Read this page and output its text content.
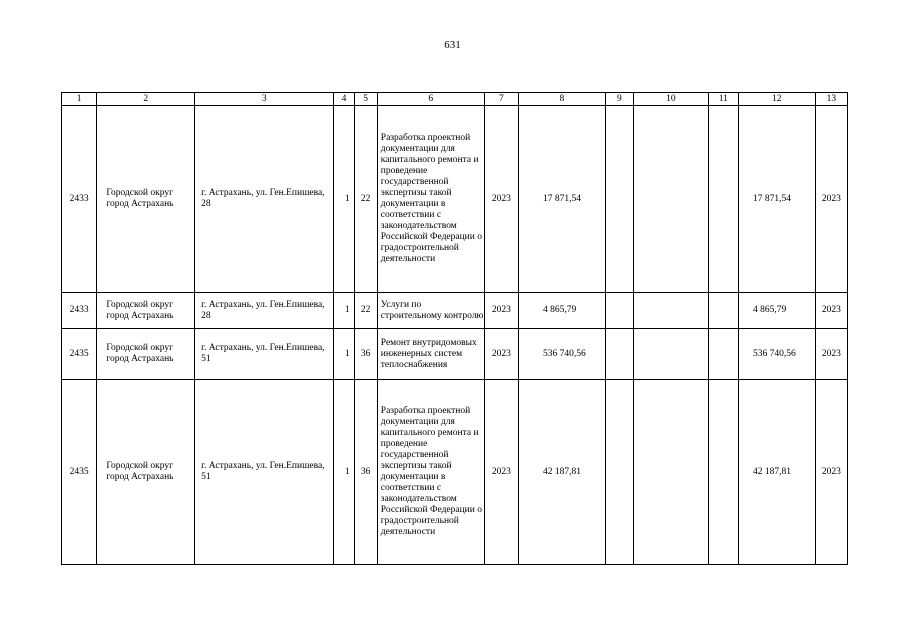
631
1	2	3	4	5	6	7	8	9	10	11	12	13
2433	Городской округ город Астрахань	г. Астрахань, ул. Ген.Епишева, 28	1	22	Разработка проектной документации для капитального ремонта и проведение государственной экспертизы такой документации в соответствии с законодательством Российской Федерации о градостроительной деятельности	2023	17 871,54				17 871,54	2023
2433	Городской округ город Астрахань	г. Астрахань, ул. Ген.Епишева, 28	1	22	Услуги по строительному контролю	2023	4 865,79				4 865,79	2023
2435	Городской округ город Астрахань	г. Астрахань, ул. Ген.Епишева, 51	1	36	Ремонт внутридомовых инженерных систем теплоснабжения	2023	536 740,56				536 740,56	2023
2435	Городской округ город Астрахань	г. Астрахань, ул. Ген.Епишева, 51	1	36	Разработка проектной документации для капитального ремонта и проведение государственной экспертизы такой документации в соответствии с законодательством Российской Федерации о градостроительной деятельности	2023	42 187,81				42 187,81	2023
